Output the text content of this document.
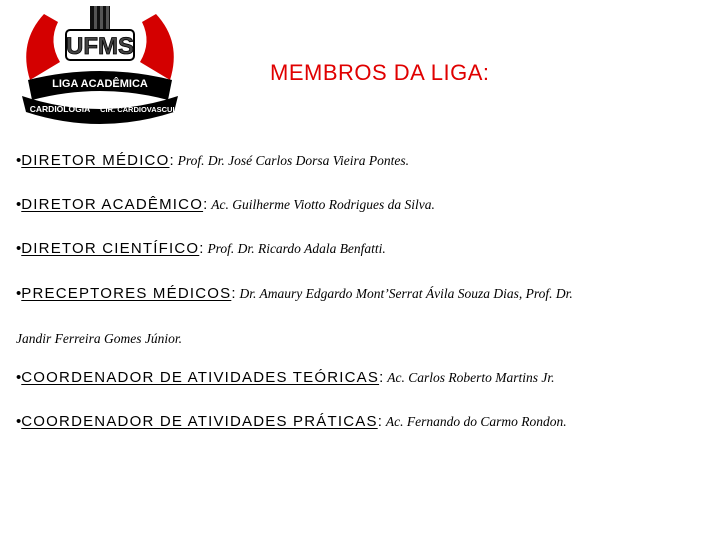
UFMS
LIGA ACADÊMICA
CARDIOLOGIA CIR. CARDIOVASCULAR
MEMBROS DA LIGA:
•DIRETOR MÉDICO: Prof. Dr. José Carlos Dorsa Vieira Pontes.
•DIRETOR ACADÊMICO: Ac. Guilherme Viotto Rodrigues da Silva.
•DIRETOR CIENTÍFICO: Prof. Dr. Ricardo Adala Benfatti.
•PRECEPTORES MÉDICOS: Dr. Amaury Edgardo Mont’Serrat Ávila Souza Dias, Prof. Dr.
Jandir Ferreira Gomes Júnior.
•COORDENADOR DE ATIVIDADES TEÓRICAS: Ac. Carlos Roberto Martins Jr.
•COORDENADOR DE ATIVIDADES PRÁTICAS: Ac. Fernando do Carmo Rondon.
